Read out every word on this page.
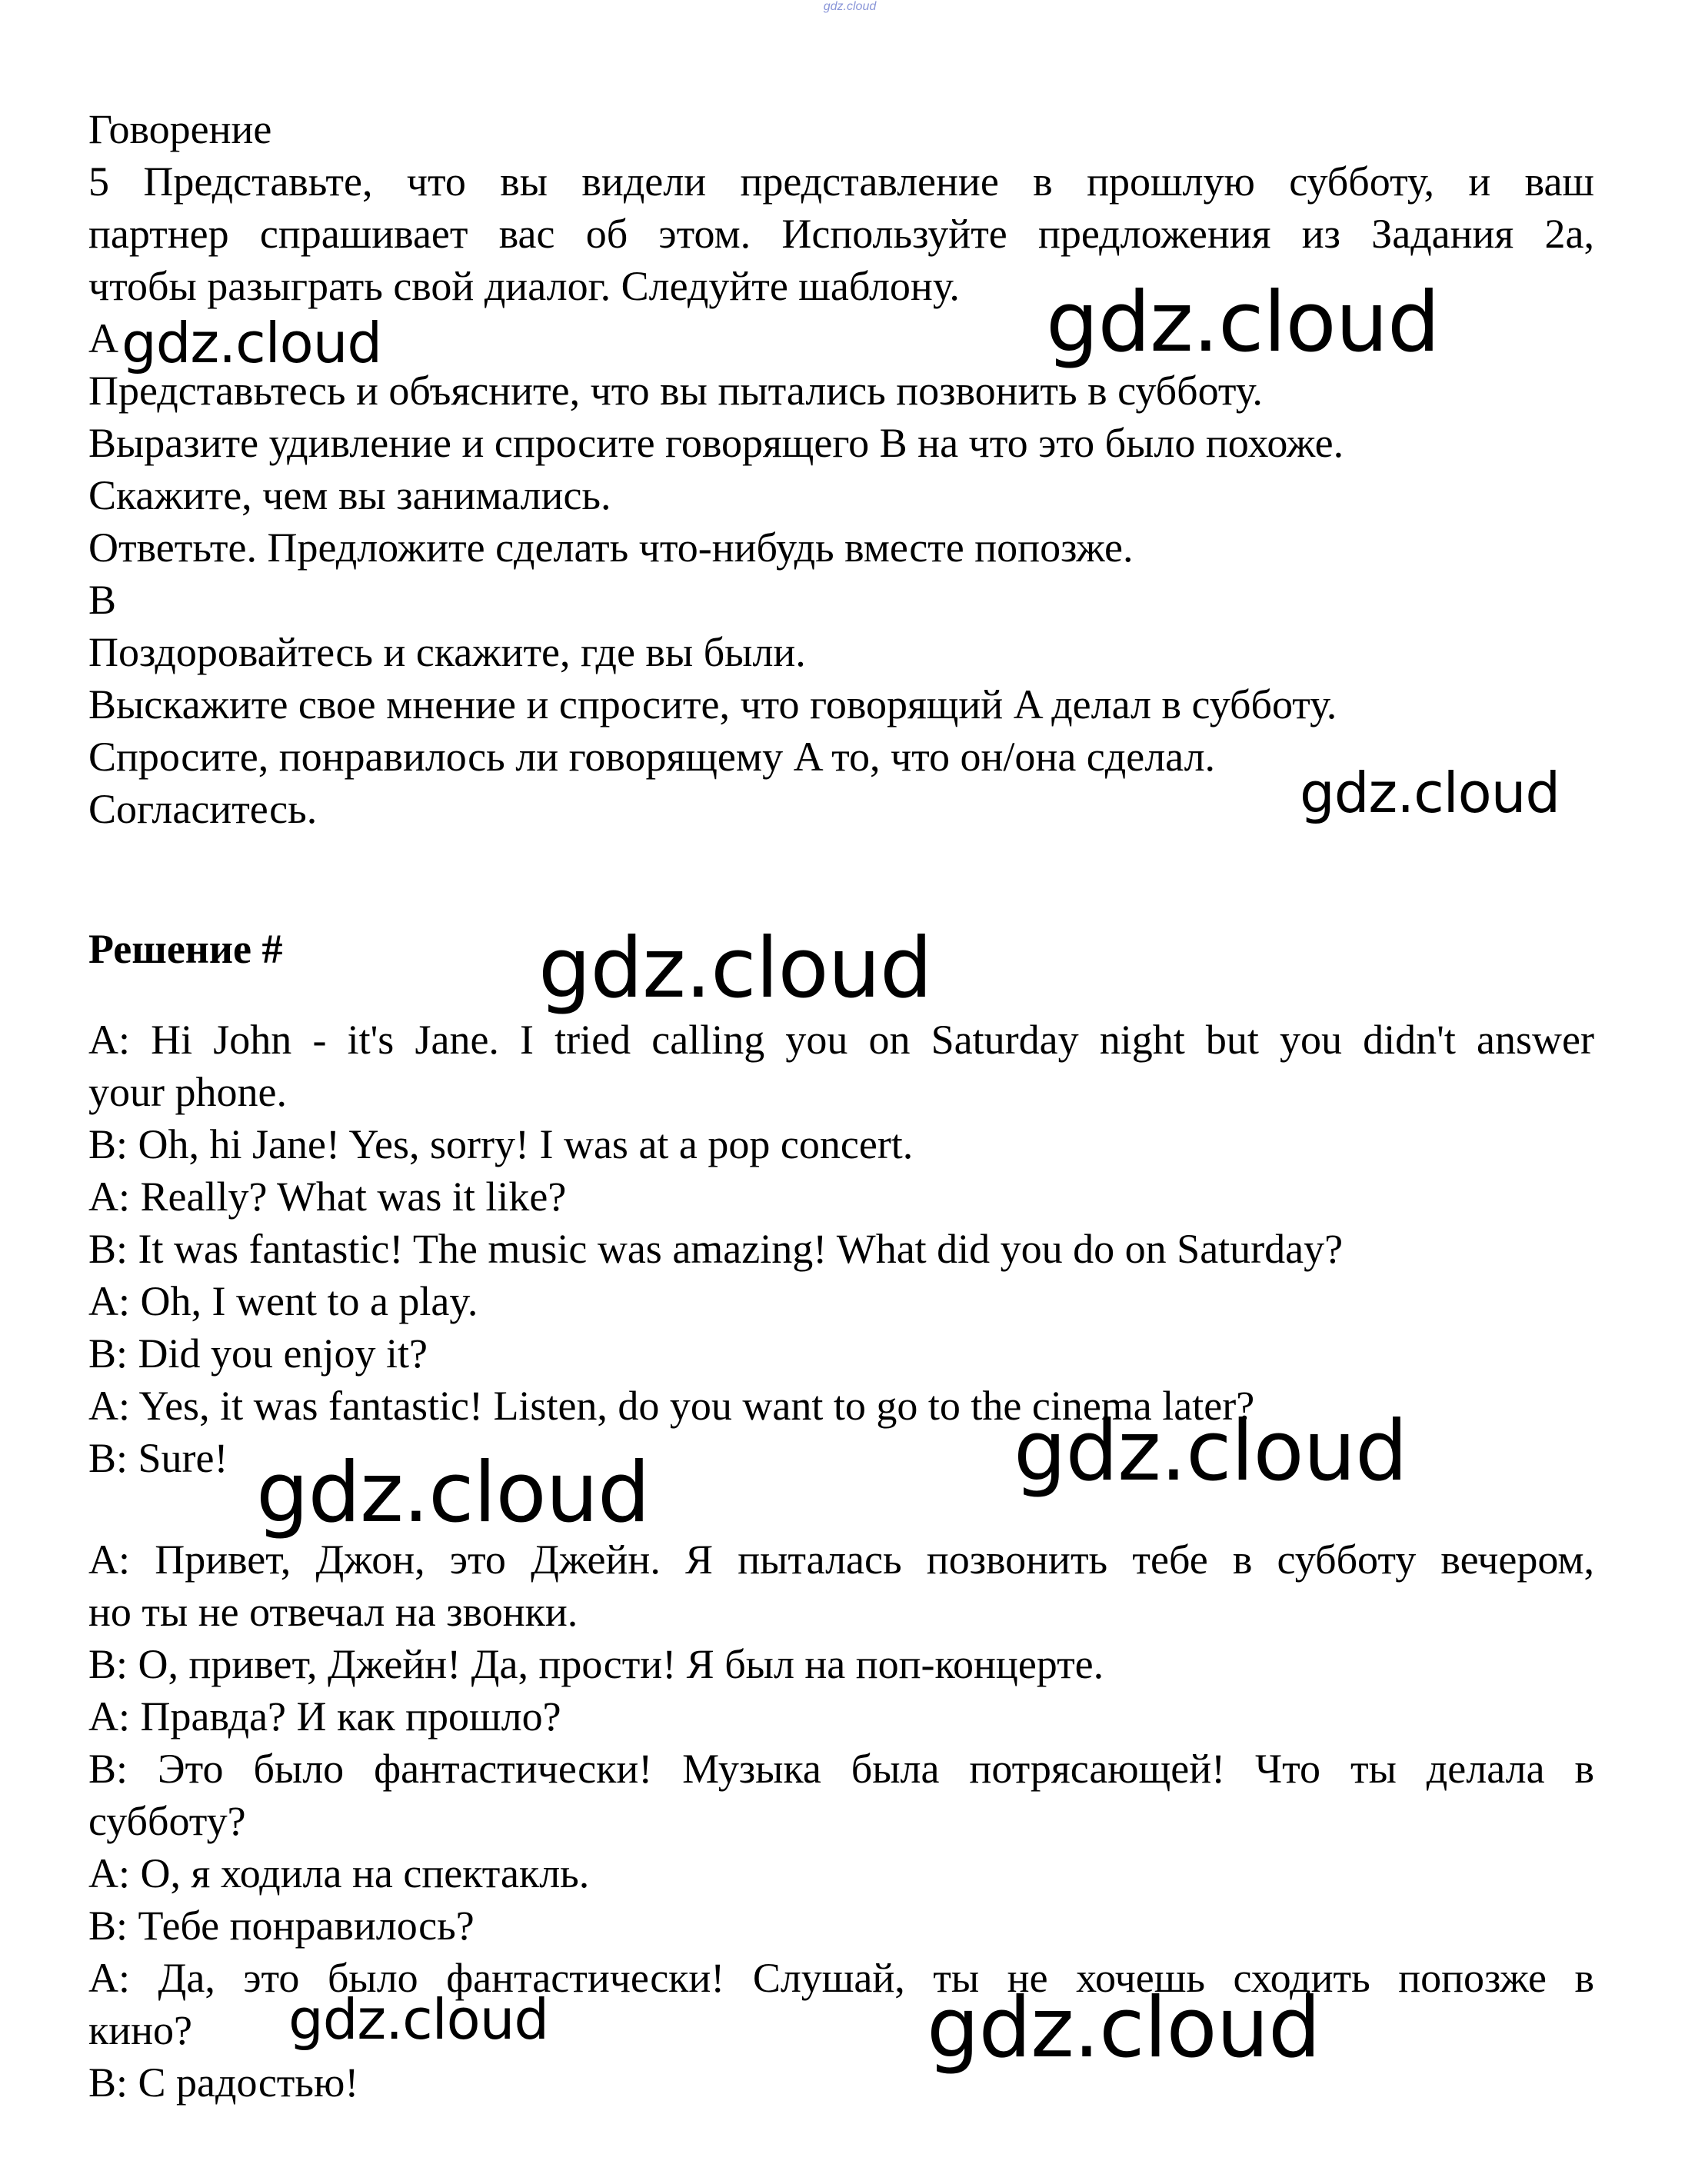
gdz.cloud
Говорение
5 Представьте, что вы видели представление в прошлую субботу, и ваш
партнер спрашивает вас об этом. Используйте предложения из Задания 2а,
чтобы разыграть свой диалог. Следуйте шаблону.
A
Представьтесь и объясните, что вы пытались позвонить в субботу.
Выразите удивление и спросите говорящего B на что это было похоже.
Скажите, чем вы занимались.
Ответьте. Предложите сделать что-нибудь вместе попозже.
B
Поздоровайтесь и скажите, где вы были.
Выскажите свое мнение и спросите, что говорящий A делал в субботу.
Спросите, понравилось ли говорящему A то, что он/она сделал.
Согласитесь.
Решение #
A: Hi John - it's Jane. I tried calling you on Saturday night but you didn't answer
your phone.
B: Oh, hi Jane! Yes, sorry! I was at a pop concert.
A: Really? What was it like?
B: It was fantastic! The music was amazing! What did you do on Saturday?
A: Oh, I went to a play.
B: Did you enjoy it?
A: Yes, it was fantastic! Listen, do you want to go to the cinema later?
B: Sure!
A: Привет, Джон, это Джейн. Я пыталась позвонить тебе в субботу вечером,
но ты не отвечал на звонки.
B: О, привет, Джейн! Да, прости! Я был на поп-концерте.
A: Правда? И как прошло?
B: Это было фантастически! Музыка была потрясающей! Что ты делала в
субботу?
A: О, я ходила на спектакль.
B: Тебе понравилось?
A: Да, это было фантастически! Слушай, ты не хочешь сходить попозже в
кино?
B: С радостью!
gdz.cloud	gdz.cloud
gdz.cloud
gdz.cloud
gdz.cloud
gdz.cloud
gdz.cloud	gdz.cloud
